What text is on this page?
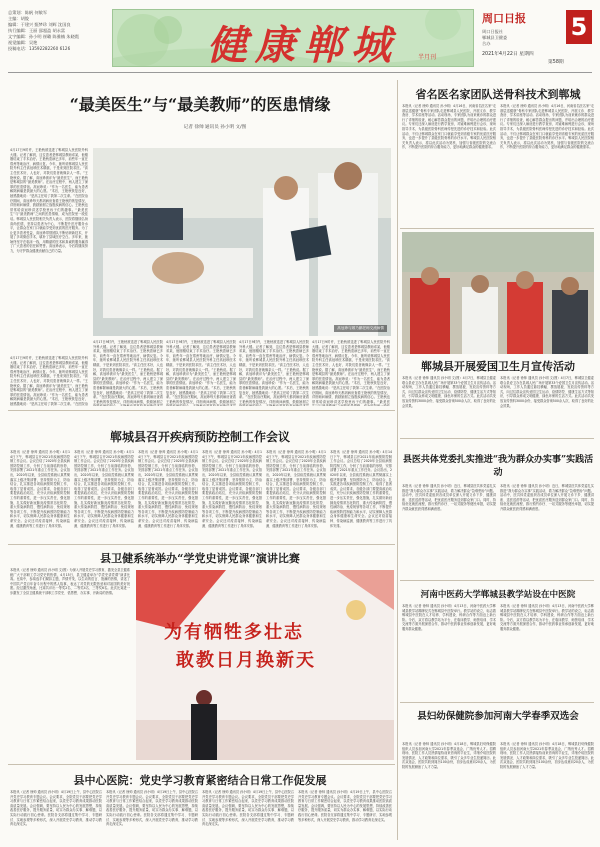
总策划：陈帆 何敏军
主编：胡俊
编辑：于建兴 甄梦珍 刘辉 沈国良
执行编辑：王丽 邵超盈 胡永富
文字编辑：孙小明 崔璐 陈雅楠 朱晓霞
视觉编辑：吴艳
投稿电话：13592282260 6126	健康郸城	半月刊
周口日报
周口日报社
郸城县卫健委
合办
5
2021年4月22日 星期四
第58期
“最美医生”与“最美教师”的医患情缘
记者 徐帅 通讯员 孙小明 文/图
4月17日9时许，王艳秋被送进了郸城县人民医院外科大楼。记者了解到，这位患者是郸城县教师邓某，他刚刚结束了手术治疗。王艳秋患病已多年，前些年一直在郑州等地治疗，病情反复。今年，她听说郸城县人民医院外科主任高冠珍医术精湛，于是来到医院求医。“高主任医术好，人也好，对我们患者就像亲人一样。”王艳秋说。据了解，高冠珍被评为“最美医生”，而王艳秋是郸城县的“最美教师”。在治疗过程中，两人建立了深厚的医患情谊。高冠珍说：“作为一名医生，能为患者解除病痛是我最大的心愿。”术后，王艳秋恢复良好，她感激地说：“是高主任给了我第二次生命。”在医院治疗期间，高冠珍每天都到病房查看王艳秋的恢复情况，详细询问病情，鼓励她树立战胜疾病的信心。王艳秋也常常给高冠珍讲述学校里孩子们的趣事。“最美医生”与“最美教师”之间的医患情缘，成为医院里一段佳话。郸城县人民医院相关负责人表示，医院将继续弘扬高尚医德，坚持以患者为中心，不断提升医疗服务水平，让群众在家门口就能享受到优质的医疗服务。为了让更多患者受益，高冠珍带领团队不断钻研新技术，开展了多项微创手术，填补了县域医疗空白。多年来，她始终坚守在临床一线，用精湛的医术和真诚的服务赢得了广大患者的信任和赞誉。高冠珍表示，今后将继续努力，为守护群众健康贡献自己的力量。
高冠珍与顾乃鹏老师交流病情
4月17日9时许，王艳秋被送进了郸城县人民医院外科大楼。记者了解到，这位患者是郸城县教师邓某，他刚刚结束了手术治疗。王艳秋患病已多年，前些年一直在郑州等地治疗，病情反复。今年，她听说郸城县人民医院外科主任高冠珍医术精湛，于是来到医院求医。“高主任医术好，人也好，对我们患者就像亲人一样。”王艳秋说。据了解，高冠珍被评为“最美医生”，而王艳秋是郸城县的“最美教师”。在治疗过程中，两人建立了深厚的医患情谊。高冠珍说：“作为一名医生，能为患者解除病痛是我最大的心愿。”术后，王艳秋恢复良好，她感激地说：“是高主任给了我第二次生命。”在医院治疗期间，高冠珍每天都到病房查看王艳秋的恢复情况，详细询问病情，鼓励她树立
4月17日9时许，王艳秋被送进了郸城县人民医院外科大楼。记者了解到，这位患者是郸城县教师邓某，他刚刚结束了手术治疗。王艳秋患病已多年，前些年一直在郑州等地治疗，病情反复。今年，她听说郸城县人民医院外科主任高冠珍医术精湛，于是来到医院求医。“高主任医术好，人也好，对我们患者就像亲人一样。”王艳秋说。据了解，高冠珍被评为“最美医生”，而王艳秋是郸城县的“最美教师”。在治疗过程中，两人建立了深厚的医患情谊。高冠珍说：“作为一名医生，能为患者解除病痛是我最大的心愿。”术后，王艳秋恢复良好，她感激地说：“是高主任给了我第二次生命。”在医院治疗期间，高冠珍每天都到病房查看王艳秋的恢复情况，详细询问病情，鼓励她树立
4月17日9时许，王艳秋被送进了郸城县人民医院外科大楼。记者了解到，这位患者是郸城县教师邓某，他刚刚结束了手术治疗。王艳秋患病已多年，前些年一直在郑州等地治疗，病情反复。今年，她听说郸城县人民医院外科主任高冠珍医术精湛，于是来到医院求医。“高主任医术好，人也好，对我们患者就像亲人一样。”王艳秋说。据了解，高冠珍被评为“最美医生”，而王艳秋是郸城县的“最美教师”。在治疗过程中，两人建立了深厚的医患情谊。高冠珍说：“作为一名医生，能为患者解除病痛是我最大的心愿。”术后，王艳秋恢复良好，她感激地说：“是高主任给了我第二次生命。”在医院治疗期间，高冠珍每天都到病房查看王艳秋的恢复情况，详细询问病情，鼓励她树立
4月17日9时许，王艳秋被送进了郸城县人民医院外科大楼。记者了解到，这位患者是郸城县教师邓某，他刚刚结束了手术治疗。王艳秋患病已多年，前些年一直在郑州等地治疗，病情反复。今年，她听说郸城县人民医院外科主任高冠珍医术精湛，于是来到医院求医。“高主任医术好，人也好，对我们患者就像亲人一样。”王艳秋说。据了解，高冠珍被评为“最美医生”，而王艳秋是郸城县的“最美教师”。在治疗过程中，两人建立了深厚的医患情谊。高冠珍说：“作为一名医生，能为患者解除病痛是我最大的心愿。”术后，王艳秋恢复良好，她感激地说：“是高主任给了我第二次生命。”在医院治疗期间，高冠珍每天都到病房查看王艳秋的恢复情况，详细询问病情，鼓励她树立战胜疾病的信心。王艳秋也常常给高冠珍讲述学校里孩子们的趣事。“最美医
4月17日9时许，王艳秋被送进了郸城县人民医院外科大楼。记者了解到，这位患者是郸城县教师邓某，他刚刚结束了手术治疗。王艳秋患病已多年，前些年一直在郑州等地治疗，病情反复。今年，她听说郸城县人民医院外科主任高冠珍医术精湛，于是来到医院求医。“高主任医术好，人也好，对我们患者就像亲人一样。”王艳秋说。据了解，高冠珍被评为“最美医生”，而王艳秋是郸城县的“最美教师”。在治疗过程中，两人建立了深厚的医患情谊。高冠珍说：“作为一名医生，能为患者解除病痛是我最大的心愿。”术后，王艳秋恢复良好，她感激地说：“是高主任给了我第二次生命。”在医院治
省名医名家团队送骨科技术到郸城
本报讯（记者 徐帅 通讯员 孙小明）4月16日，河南省名医名家“走基层送健康”骨科专家团队走进郸城县人民医院，开展义诊、教学查房、学术讲座等活动。活动现场，专家团队为前来就诊的群众进行了详细的检查，耐心解答群众提出的问题，并给出合理的治疗建议。专家们还深入病房进行教学查房，对疑难病例进行会诊，现场指导手术，为县级医院骨科医师传授先进的诊疗技术和经验。此次活动，不仅让郸城群众在家门口就能享受到省级专家的优质医疗服务，也进一步提升了县级医院骨科的诊疗水平。郸城县人民医院相关负责人表示，将以此次活动为契机，加强与省级医院的交流合作，不断提升医院的综合服务能力，更好地满足群众的健康需求。
本报讯（记者 徐帅 通讯员 孙小明）4月16日，河南省名医名家“走基层送健康”骨科专家团队走进郸城县人民医院，开展义诊、教学查房、学术讲座等活动。活动现场，专家团队为前来就诊的群众进行了详细的检查，耐心解答群众提出的问题，并给出合理的治疗建议。专家们还深入病房进行教学查房，对疑难病例进行会诊，现场指导手术，为县级医院骨科医师传授先进的诊疗技术和经验。此次活动，不仅让郸城群众在家门口就能享受到省级专家的优质医疗服务，也进一步提升了县级医院骨科的诊疗水平。郸城县人民医院相关负责人表示，将以此次活动为契机，加强与省级医院的交流合作，不断提升医院的综合服务能力，更好地满足群众的健康需求。
郸城县开展爱国卫生月宣传活动
本报讯（记者 徐帅 通讯员 孙小明 文/图）4月7日，郸城县卫健委联合县爱卫办在县城人民广场开展第33个爱国卫生月宣传活动。活动现场，工作人员通过悬挂横幅、摆放展板、发放宣传资料等方式，向过往群众宣传爱国卫生运动、疫情防控、健康生活方式等知识，引导群众养成文明健康、绿色环保的生活方式。此次活动共发放宣传资料3000余份，接受群众咨询500余人次，取得了良好的社会效果。
本报讯（记者 徐帅 通讯员 孙小明 文/图）4月7日，郸城县卫健委联合县爱卫办在县城人民广场开展第33个爱国卫生月宣传活动。活动现场，工作人员通过悬挂横幅、摆放展板、发放宣传资料等方式，向过往群众宣传爱国卫生运动、疫情防控、健康生活方式等知识，引导群众养成文明健康、绿色环保的生活方式。此次活动共发放宣传资料3000余份，接受群众咨询500余人次，取得了良好的社会效果。
郸城县召开疾病预防控制工作会议
本报讯（记者 徐帅 通讯员 孙小明）4月14日下午，郸城县召开2021年疾病预防控制工作会议。会议总结了2020年全县疾病预防控制工作，分析了当前面临的形势，安排部署了2021年重点工作任务。会议指出，2020年以来，全县疾控系统认真贯彻落实上级决策部署，坚持预防为主、防治结合，扎实推进各项疾病预防控制工作，取得了显著成效。会议要求，各级各部门要提高政治站位，充分认识疾病预防控制工作的重要性，进一步压实责任，强化措施，扎实做好新冠肺炎疫情常态化防控、重大传染病防控、慢性病防治、免疫规划等各项工作，不断提升疾病预防控制能力和水平，切实保障人民群众身体健康和生命安全。会议还对疫苗接种、传染病监测、健康教育等工作进行了具体安排。
本报讯（记者 徐帅 通讯员 孙小明）4月14日下午，郸城县召开2021年疾病预防控制工作会议。会议总结了2020年全县疾病预防控制工作，分析了当前面临的形势，安排部署了2021年重点工作任务。会议指出，2020年以来，全县疾控系统认真贯彻落实上级决策部署，坚持预防为主、防治结合，扎实推进各项疾病预防控制工作，取得了显著成效。会议要求，各级各部门要提高政治站位，充分认识疾病预防控制工作的重要性，进一步压实责任，强化措施，扎实做好新冠肺炎疫情常态化防控、重大传染病防控、慢性病防治、免疫规划等各项工作，不断提升疾病预防控制能力和水平，切实保障人民群众身体健康和生命安全。会议还对疫苗接种、传染病监测、健康教育等工作进行了具体安排。
本报讯（记者 徐帅 通讯员 孙小明）4月14日下午，郸城县召开2021年疾病预防控制工作会议。会议总结了2020年全县疾病预防控制工作，分析了当前面临的形势，安排部署了2021年重点工作任务。会议指出，2020年以来，全县疾控系统认真贯彻落实上级决策部署，坚持预防为主、防治结合，扎实推进各项疾病预防控制工作，取得了显著成效。会议要求，各级各部门要提高政治站位，充分认识疾病预防控制工作的重要性，进一步压实责任，强化措施，扎实做好新冠肺炎疫情常态化防控、重大传染病防控、慢性病防治、免疫规划等各项工作，不断提升疾病预防控制能力和水平，切实保障人民群众身体健康和生命安全。会议还对疫苗接种、传染病监测、健康教育等工作进行了具体安排。
本报讯（记者 徐帅 通讯员 孙小明）4月14日下午，郸城县召开2021年疾病预防控制工作会议。会议总结了2020年全县疾病预防控制工作，分析了当前面临的形势，安排部署了2021年重点工作任务。会议指出，2020年以来，全县疾控系统认真贯彻落实上级决策部署，坚持预防为主、防治结合，扎实推进各项疾病预防控制工作，取得了显著成效。会议要求，各级各部门要提高政治站位，充分认识疾病预防控制工作的重要性，进一步压实责任，强化措施，扎实做好新冠肺炎疫情常态化防控、重大传染病防控、慢性病防治、免疫规划等各项工作，不断提升疾病预防控制能力和水平，切实保障人民群众身体健康和生命安全。会议还对疫苗接种、传染病监测、健康教育等工作进行了具体安排。
本报讯（记者 徐帅 通讯员 孙小明）4月14日下午，郸城县召开2021年疾病预防控制工作会议。会议总结了2020年全县疾病预防控制工作，分析了当前面临的形势，安排部署了2021年重点工作任务。会议指出，2020年以来，全县疾控系统认真贯彻落实上级决策部署，坚持预防为主、防治结合，扎实推进各项疾病预防控制工作，取得了显著成效。会议要求，各级各部门要提高政治站位，充分认识疾病预防控制工作的重要性，进一步压实责任，强化措施，扎实做好新冠肺炎疫情常态化防控、重大传染病防控、慢性病防治、免疫规划等各项工作，不断提升疾病预防控制能力和水平，切实保障人民群众身体健康和生命安全。会议还对疫苗接种、传染病监测、健康教育等工作进行了具体安排。
本报讯（记者 徐帅 通讯员 孙小明）4月14日下午，郸城县召开2021年疾病预防控制工作会议。会议总结了2020年全县疾病预防控制工作，分析了当前面临的形势，安排部署了2021年重点工作任务。会议指出，2020年以来，全县疾控系统认真贯彻落实上级决策部署，坚持预防为主、防治结合，扎实推进各项疾病预防控制工作，取得了显著成效。会议要求，各级各部门要提高政治站位，充分认识疾病预防控制工作的重要性，进一步压实责任，强化措施，扎实做好新冠肺炎疫情常态化防控、重大传染病防控、慢性病防治、免疫规划等各项工作，不断提升疾病预防控制能力和水平，切实保障人民群众身体健康和生命安全。会议还对疫苗接种、传染病监测、健康教育等工作进行了具体安排。
县医共体党委扎实推进“我为群众办实事”实践活动
本报讯（记者 徐帅 通讯员 孙小明）近日，郸城县医共体党委扎实推进“我为群众办实事”实践活动，着力解决群众“急难愁盼”问题。活动中，医共体党委组织各成员单位深入开展义诊下乡、健康讲座、送医送药等活动，把优质医疗服务送到群众家门口。同时，持续优化就医流程，推行预约诊疗、一站式服务等便民举措，切实提升群众就医获得感和满意度。
本报讯（记者 徐帅 通讯员 孙小明）近日，郸城县医共体党委扎实推进“我为群众办实事”实践活动，着力解决群众“急难愁盼”问题。活动中，医共体党委组织各成员单位深入开展义诊下乡、健康讲座、送医送药等活动，把优质医疗服务送到群众家门口。同时，持续优化就医流程，推行预约诊疗、一站式服务等便民举措，切实提升群众就医获得感和满意度。
县卫健系统举办“学党史讲党课”演讲比赛
本报讯（记者 徐帅 通讯员 孙小明 文/图）为深入开展党史学习教育，激发全县卫健系统广大干部职工学习党史的热情，4月15日，县卫健委举办“学党史讲党课”演讲比赛。比赛中，参赛选手们紧扣主题，声情并茂，以生动的语言、饱满的热情，讲述了中国共产党百年奋斗历程中的感人故事，表达了对党的无限热爱和对祖国的美好祝愿。经过激烈角逐，比赛共评出一等奖2名、二等奖4名、三等奖6名。此次比赛进一步激发了全县卫健系统干部职工学党史、悟思想、办实事、开新局的热情。
为有牺牲多壮志
敢教日月换新天
河南中医药大学郸城县教学站设在中医院
本报讯（记者 徐帅 通讯员 孙小明）4月13日，河南中医药大学郸城县教学站揭牌仪式在郸城县中医院举行。教学站的设立，标志着郸城县中医院在人才培养、学科建设、科研合作等方面迈上新台阶。今后，双方将以教学站为平台，在临床教学、师资培训、学术交流等方面开展深度合作，推动中医药事业传承创新发展，更好地服务群众健康。
本报讯（记者 徐帅 通讯员 孙小明）4月13日，河南中医药大学郸城县教学站揭牌仪式在郸城县中医院举行。教学站的设立，标志着郸城县中医院在人才培养、学科建设、科研合作等方面迈上新台阶。今后，双方将以教学站为平台，在临床教学、师资培训、学术交流等方面开展深度合作，推动中医药事业传承创新发展，更好地服务群众健康。
县妇幼保健院参加河南大学春季双选会
本报讯（记者 徐帅 通讯员 孙小明）4月18日，郸城县妇幼保健院组织人员参加河南大学2021年春季双选会，广纳优秀人才。招聘现场，医院工作人员热情接待前来咨询的毕业生，详细介绍医院的发展情况、人才政策和岗位需求，吸引了众多毕业生投递简历。此次双选会，医院共收到简历100余份，初步达成意向20余人，为医院的发展储备了人才力量。
本报讯（记者 徐帅 通讯员 孙小明）4月18日，郸城县妇幼保健院组织人员参加河南大学2021年春季双选会，广纳优秀人才。招聘现场，医院工作人员热情接待前来咨询的毕业生，详细介绍医院的发展情况、人才政策和岗位需求，吸引了众多毕业生投递简历。此次双选会，医院共收到简历100余份，初步达成意向20余人，为医院的发展储备了人才力量。
县中心医院：党史学习教育紧密结合日常工作促发展
本报讯（记者 徐帅 通讯员 孙小明）4月19日上午，县中心医院召开党史学习教育专题会议。会议要求，全院党员干部要把党史学习教育与日常工作紧密结合起来，以党史学习教育成果推动医院高质量发展。会议强调，要坚持以人民为中心的发展思想，持续改善医疗服务，提升服务质量，切实为群众办实事、解难题，以实际行动践行初心使命。医院各支部将通过集中学习、专题研讨、实地参观等多种形式，深入开展党史学习教育，推动学习教育走深走实。
本报讯（记者 徐帅 通讯员 孙小明）4月19日上午，县中心医院召开党史学习教育专题会议。会议要求，全院党员干部要把党史学习教育与日常工作紧密结合起来，以党史学习教育成果推动医院高质量发展。会议强调，要坚持以人民为中心的发展思想，持续改善医疗服务，提升服务质量，切实为群众办实事、解难题，以实际行动践行初心使命。医院各支部将通过集中学习、专题研讨、实地参观等多种形式，深入开展党史学习教育，推动学习教育走深走实。
本报讯（记者 徐帅 通讯员 孙小明）4月19日上午，县中心医院召开党史学习教育专题会议。会议要求，全院党员干部要把党史学习教育与日常工作紧密结合起来，以党史学习教育成果推动医院高质量发展。会议强调，要坚持以人民为中心的发展思想，持续改善医疗服务，提升服务质量，切实为群众办实事、解难题，以实际行动践行初心使命。医院各支部将通过集中学习、专题研讨、实地参观等多种形式，深入开展党史学习教育，推动学习教育走深走实。
本报讯（记者 徐帅 通讯员 孙小明）4月19日上午，县中心医院召开党史学习教育专题会议。会议要求，全院党员干部要把党史学习教育与日常工作紧密结合起来，以党史学习教育成果推动医院高质量发展。会议强调，要坚持以人民为中心的发展思想，持续改善医疗服务，提升服务质量，切实为群众办实事、解难题，以实际行动践行初心使命。医院各支部将通过集中学习、专题研讨、实地参观等多种形式，深入开展党史学习教育，推动学习教育走深走实。
